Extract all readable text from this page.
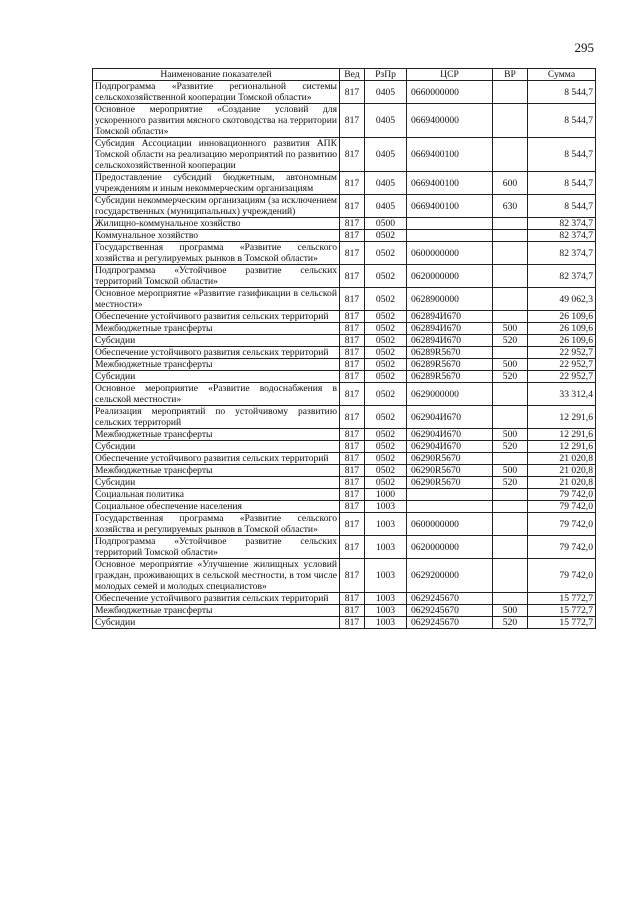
295
Наименование показателей	Вед	РзПр	ЦСР	ВР	Сумма
Подпрограмма «Развитие региональной системы сельскохозяйственной кооперации Томской области»	817	0405	0660000000		8 544,7
Основное мероприятие «Создание условий для ускоренного развития мясного скотоводства на территории Томской области»	817	0405	0669400000		8 544,7
Субсидия Ассоциации инновационного развития АПК Томской области на реализацию мероприятий по развитию сельскохозяйственной кооперации	817	0405	0669400100		8 544,7
Предоставление субсидий бюджетным, автономным учреждениям и иным некоммерческим организациям	817	0405	0669400100	600	8 544,7
Субсидии некоммерческим организациям (за исключением государственных (муниципальных) учреждений)	817	0405	0669400100	630	8 544,7
Жилищно-коммунальное хозяйство	817	0500			82 374,7
Коммунальное хозяйство	817	0502			82 374,7
Государственная программа «Развитие сельского хозяйства и регулируемых рынков в Томской области»	817	0502	0600000000		82 374,7
Подпрограмма «Устойчивое развитие сельских территорий Томской области»	817	0502	0620000000		82 374,7
Основное мероприятие «Развитие газификации в сельской местности»	817	0502	0628900000		49 062,3
Обеспечение устойчивого развития сельских территорий	817	0502	062894И670		26 109,6
Межбюджетные трансферты	817	0502	062894И670	500	26 109,6
Субсидии	817	0502	062894И670	520	26 109,6
Обеспечение устойчивого развития сельских территорий	817	0502	06289R5670		22 952,7
Межбюджетные трансферты	817	0502	06289R5670	500	22 952,7
Субсидии	817	0502	06289R5670	520	22 952,7
Основное мероприятие «Развитие водоснабжения в сельской местности»	817	0502	0629000000		33 312,4
Реализация мероприятий по устойчивому развитию сельских территорий	817	0502	062904И670		12 291,6
Межбюджетные трансферты	817	0502	062904И670	500	12 291,6
Субсидии	817	0502	062904И670	520	12 291,6
Обеспечение устойчивого развития сельских территорий	817	0502	06290R5670		21 020,8
Межбюджетные трансферты	817	0502	06290R5670	500	21 020,8
Субсидии	817	0502	06290R5670	520	21 020,8
Социальная политика	817	1000			79 742,0
Социальное обеспечение населения	817	1003			79 742,0
Государственная программа «Развитие сельского хозяйства и регулируемых рынков в Томской области»	817	1003	0600000000		79 742,0
Подпрограмма «Устойчивое развитие сельских территорий Томской области»	817	1003	0620000000		79 742,0
Основное мероприятие «Улучшение жилищных условий граждан, проживающих в сельской местности, в том числе молодых семей и молодых специалистов»	817	1003	0629200000		79 742,0
Обеспечение устойчивого развития сельских территорий	817	1003	0629245670		15 772,7
Межбюджетные трансферты	817	1003	0629245670	500	15 772,7
Субсидии	817	1003	0629245670	520	15 772,7
